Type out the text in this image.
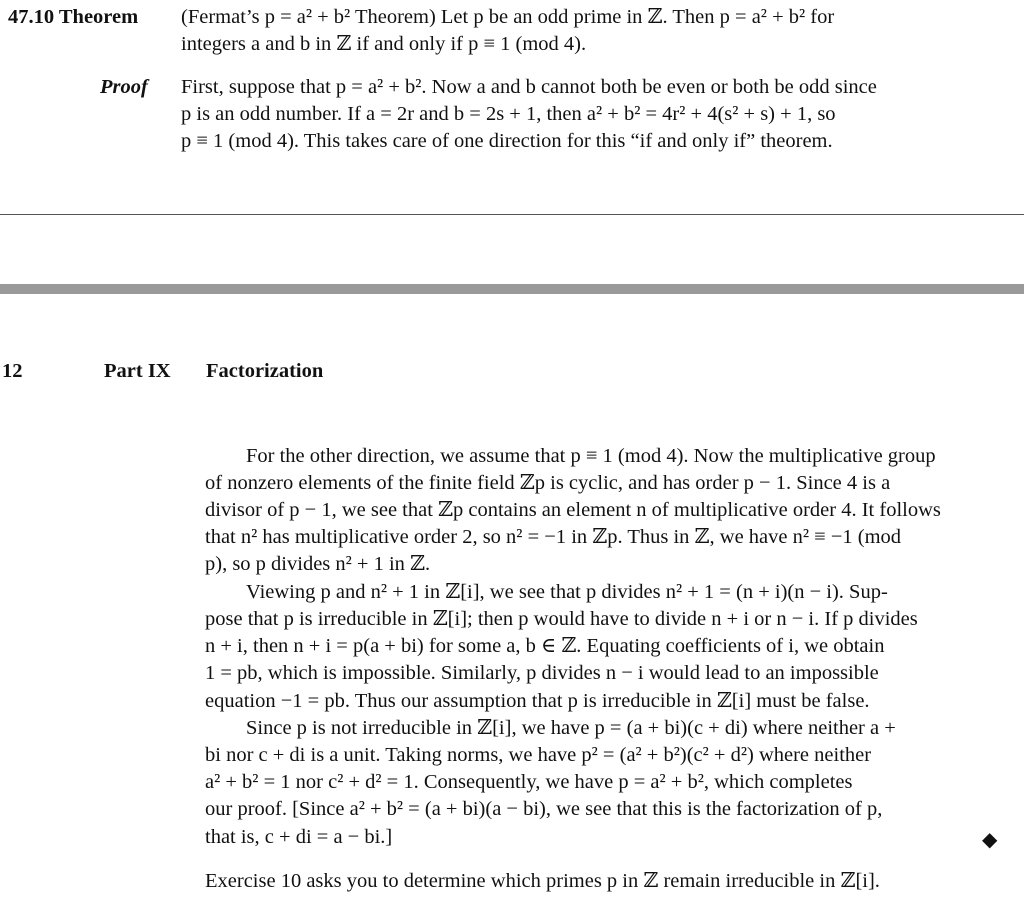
47.10 Theorem (Fermat’s p = a² + b² Theorem) Let p be an odd prime in ℤ. Then p = a² + b² for
integers a and b in ℤ if and only if p ≡ 1 (mod 4).
Proof First, suppose that p = a² + b². Now a and b cannot both be even or both be odd since
p is an odd number. If a = 2r and b = 2s + 1, then a² + b² = 4r² + 4(s² + s) + 1, so
p ≡ 1 (mod 4). This takes care of one direction for this “if and only if” theorem.
12	Part IX Factorization
For the other direction, we assume that p ≡ 1 (mod 4). Now the multiplicative group
of nonzero elements of the finite field ℤp is cyclic, and has order p − 1. Since 4 is a
divisor of p − 1, we see that ℤp contains an element n of multiplicative order 4. It follows
that n² has multiplicative order 2, so n² = −1 in ℤp. Thus in ℤ, we have n² ≡ −1 (mod
p), so p divides n² + 1 in ℤ.
Viewing p and n² + 1 in ℤ[i], we see that p divides n² + 1 = (n + i)(n − i). Sup-
pose that p is irreducible in ℤ[i]; then p would have to divide n + i or n − i. If p divides
n + i, then n + i = p(a + bi) for some a, b ∈ ℤ. Equating coefficients of i, we obtain
1 = pb, which is impossible. Similarly, p divides n − i would lead to an impossible
equation −1 = pb. Thus our assumption that p is irreducible in ℤ[i] must be false.
Since p is not irreducible in ℤ[i], we have p = (a + bi)(c + di) where neither a +
bi nor c + di is a unit. Taking norms, we have p² = (a² + b²)(c² + d²) where neither
a² + b² = 1 nor c² + d² = 1. Consequently, we have p = a² + b², which completes
our proof. [Since a² + b² = (a + bi)(a − bi), we see that this is the factorization of p,
that is, c + di = a − bi.]	◆
Exercise 10 asks you to determine which primes p in ℤ remain irreducible in ℤ[i].
